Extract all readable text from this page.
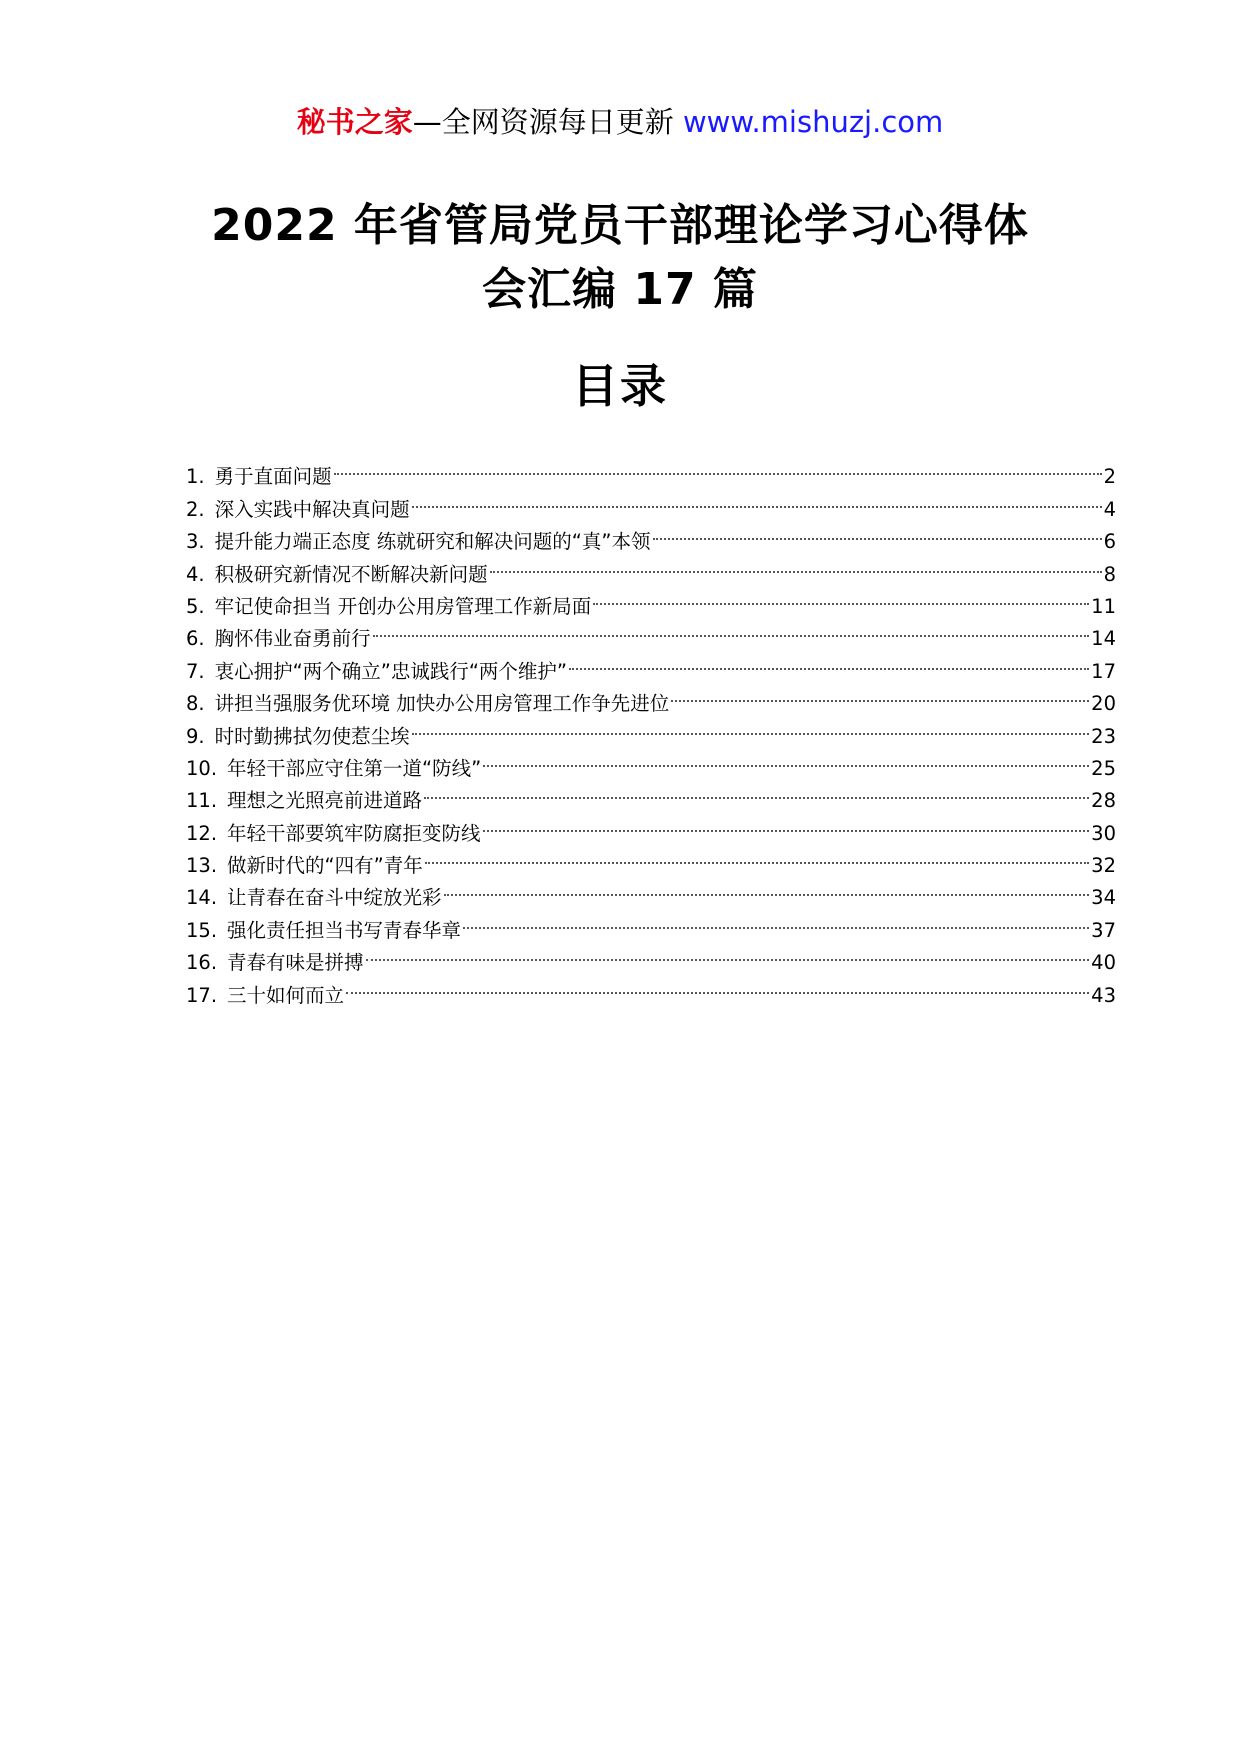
秘书之家—全网资源每日更新 www.mishuzj.com
2022 年省管局党员干部理论学习心得体
会汇编 17 篇
目录
1. 勇于直面问题	2
2. 深入实践中解决真问题	4
3. 提升能力端正态度 练就研究和解决问题的“真”本领	6
4. 积极研究新情况不断解决新问题	8
5. 牢记使命担当 开创办公用房管理工作新局面	11
6. 胸怀伟业奋勇前行	14
7. 衷心拥护“两个确立”忠诚践行“两个维护”	17
8. 讲担当强服务优环境 加快办公用房管理工作争先进位	20
9. 时时勤拂拭勿使惹尘埃	23
10. 年轻干部应守住第一道“防线”	25
11. 理想之光照亮前进道路	28
12. 年轻干部要筑牢防腐拒变防线	30
13. 做新时代的“四有”青年	32
14. 让青春在奋斗中绽放光彩	34
15. 强化责任担当书写青春华章	37
16. 青春有味是拼搏	40
17. 三十如何而立	43
